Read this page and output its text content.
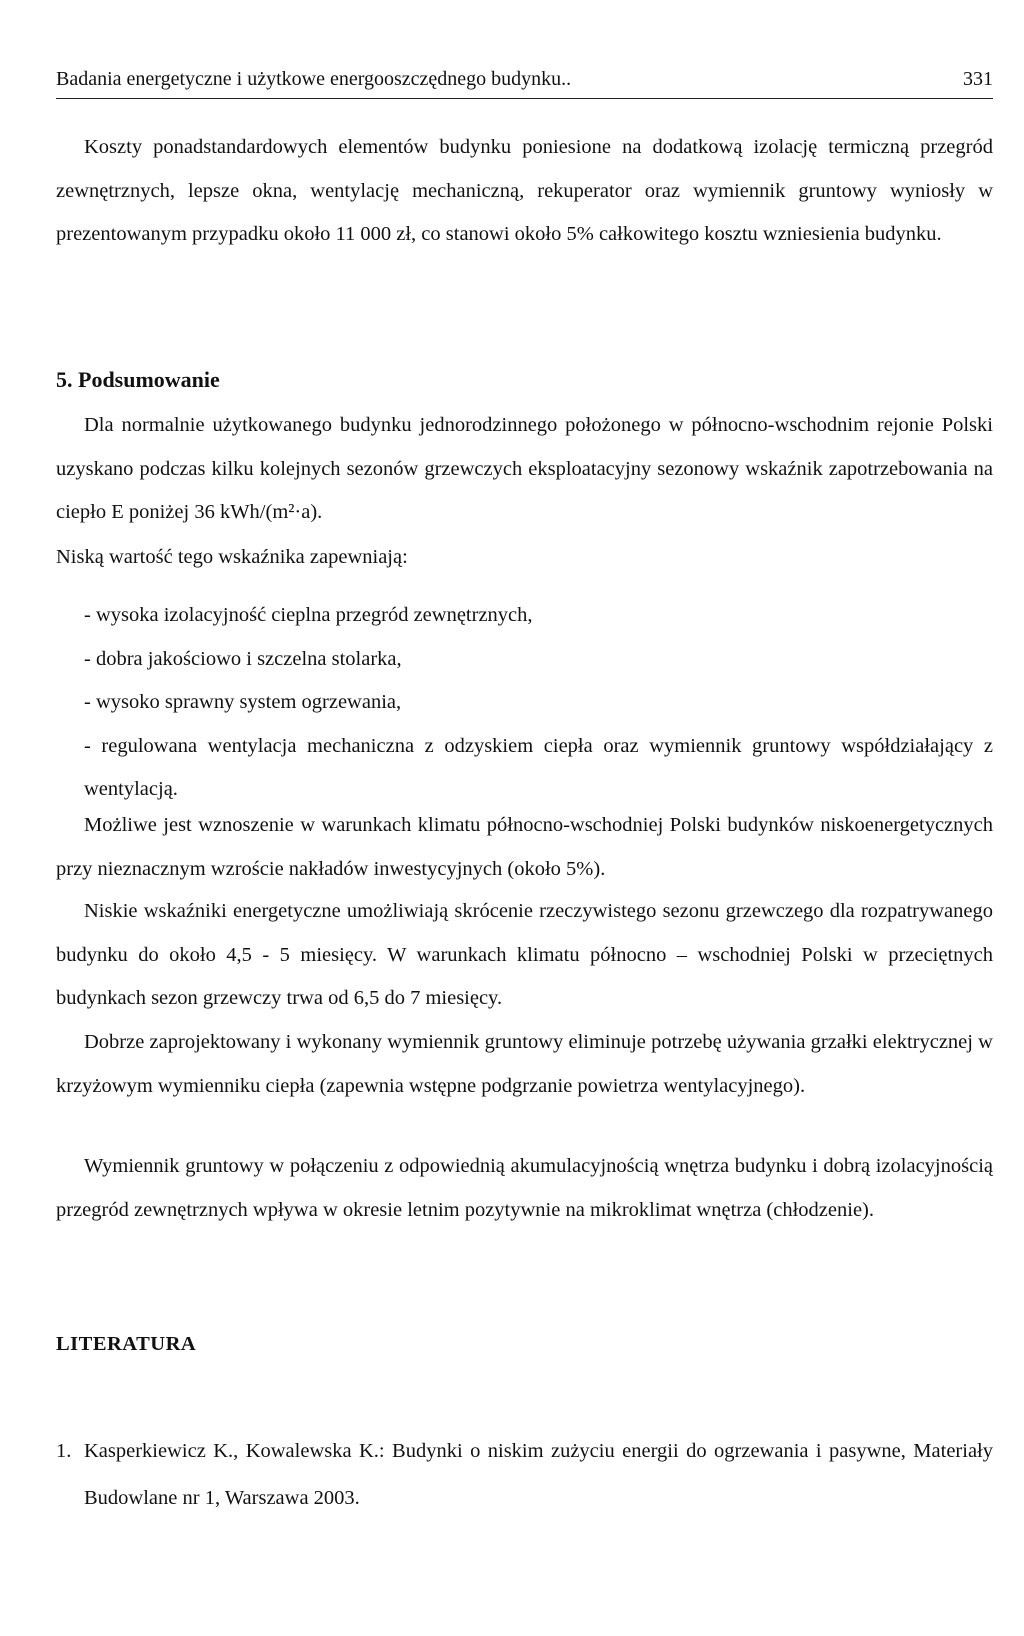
Badania energetyczne i użytkowe energooszczędnego budynku..	331

Koszty ponadstandardowych elementów budynku poniesione na dodatkową izolację termiczną przegród zewnętrznych, lepsze okna, wentylację mechaniczną, rekuperator oraz wymiennik gruntowy wyniosły w prezentowanym przypadku około 11 000 zł, co stanowi około 5% całkowitego kosztu wzniesienia budynku.

5. Podsumowanie

Dla normalnie użytkowanego budynku jednorodzinnego położonego w północno-wschodnim rejonie Polski uzyskano podczas kilku kolejnych sezonów grzewczych eksploatacyjny sezonowy wskaźnik zapotrzebowania na ciepło E poniżej 36 kWh/(m²·a).

Niską wartość tego wskaźnika zapewniają:

- wysoka izolacyjność cieplna przegród zewnętrznych,
- dobra jakościowo i szczelna stolarka,
- wysoko sprawny system ogrzewania,
- regulowana wentylacja mechaniczna z odzyskiem ciepła oraz wymiennik gruntowy współdziałający z wentylacją.

Możliwe jest wznoszenie w warunkach klimatu północno-wschodniej Polski budynków niskoenergetycznych przy nieznacznym wzroście nakładów inwestycyjnych (około 5%).

Niskie wskaźniki energetyczne umożliwiają skrócenie rzeczywistego sezonu grzewczego dla rozpatrywanego budynku do około 4,5 - 5 miesięcy. W warunkach klimatu północno – wschodniej Polski w przeciętnych budynkach sezon grzewczy trwa od 6,5 do 7 miesięcy.

Dobrze zaprojektowany i wykonany wymiennik gruntowy eliminuje potrzebę używania grzałki elektrycznej w krzyżowym wymienniku ciepła (zapewnia wstępne podgrzanie powietrza wentylacyjnego).

Wymiennik gruntowy w połączeniu z odpowiednią akumulacyjnością wnętrza budynku i dobrą izolacyjnością przegród zewnętrznych wpływa w okresie letnim pozytywnie na mikroklimat wnętrza (chłodzenie).

LITERATURA
1. Kasperkiewicz K., Kowalewska K.: Budynki o niskim zużyciu energii do ogrzewania i pasywne, Materiały Budowlane nr 1, Warszawa 2003.
